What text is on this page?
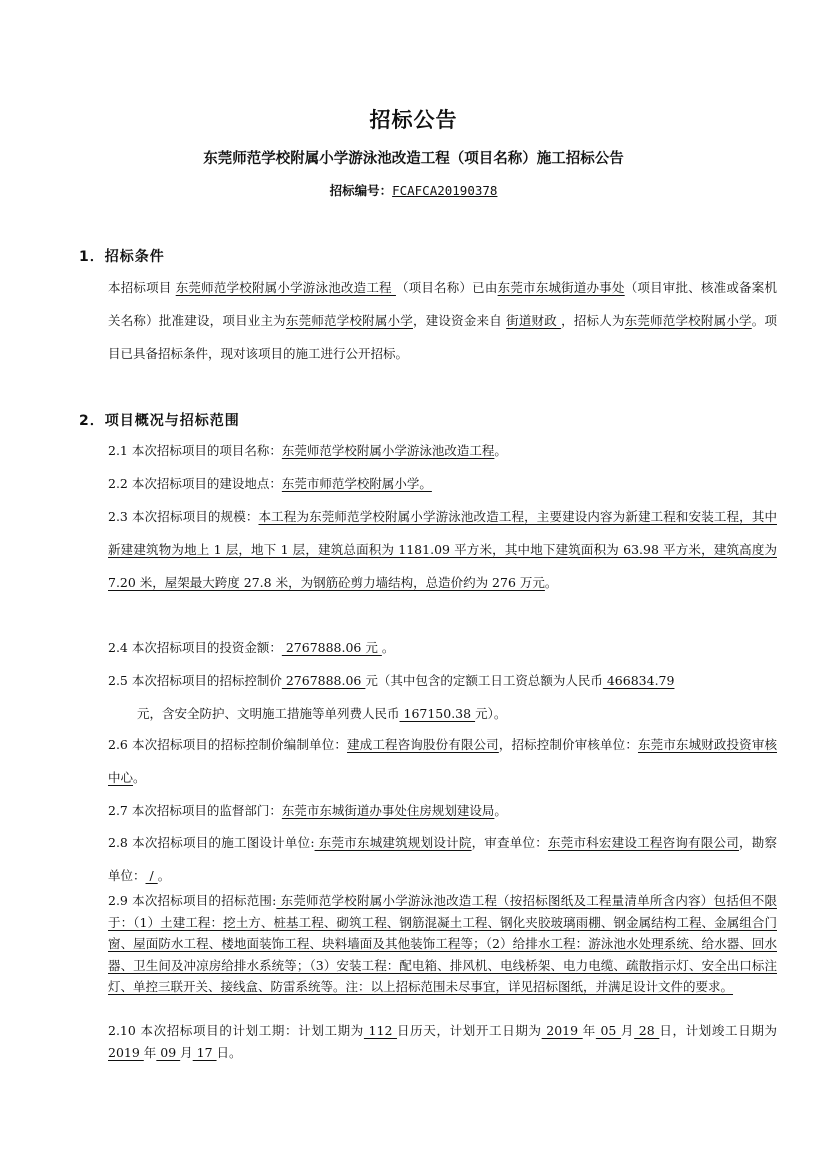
招标公告
东莞师范学校附属小学游泳池改造工程（项目名称）施工招标公告
招标编号：FCAFCA20190378
1．招标条件
本招标项目 东莞师范学校附属小学游泳池改造工程 （项目名称）已由东莞市东城街道办事处（项目审批、核准或备案机关名称）批准建设，项目业主为东莞师范学校附属小学，建设资金来自 街道财政 ，招标人为东莞师范学校附属小学。项目已具备招标条件，现对该项目的施工进行公开招标。
2．项目概况与招标范围
2.1 本次招标项目的项目名称：东莞师范学校附属小学游泳池改造工程。
2.2 本次招标项目的建设地点：东莞市师范学校附属小学。
2.3 本次招标项目的规模：本工程为东莞师范学校附属小学游泳池改造工程，主要建设内容为新建工程和安装工程，其中新建建筑物为地上 1 层，地下 1 层，建筑总面积为 1181.09 平方米，其中地下建筑面积为 63.98 平方米，建筑高度为 7.20 米，屋架最大跨度 27.8 米，为钢筋砼剪力墙结构，总造价约为 276 万元。
2.4 本次招标项目的投资金额： 2767888.06 元 。
2.5 本次招标项目的招标控制价 2767888.06 元（其中包含的定额工日工资总额为人民币 466834.79
元，含安全防护、文明施工措施等单列费人民币 167150.38 元）。
2.6 本次招标项目的招标控制价编制单位：建成工程咨询股份有限公司，招标控制价审核单位：东莞市东城财政投资审核中心。
2.7 本次招标项目的监督部门：东莞市东城街道办事处住房规划建设局。
2.8 本次招标项目的施工图设计单位: 东莞市东城建筑规划设计院，审查单位：东莞市科宏建设工程咨询有限公司，勘察单位： / 。
2.9 本次招标项目的招标范围: 东莞师范学校附属小学游泳池改造工程（按招标图纸及工程量清单所含内容）包括但不限于：（1）土建工程：挖土方、桩基工程、砌筑工程、钢筋混凝土工程、钢化夹胶玻璃雨棚、钢金属结构工程、金属组合门窗、屋面防水工程、楼地面装饰工程、块料墙面及其他装饰工程等；（2）给排水工程：游泳池水处理系统、给水器、回水器、卫生间及冲凉房给排水系统等；（3）安装工程：配电箱、排风机、电线桥架、电力电缆、疏散指示灯、安全出口标注灯、单控三联开关、接线盒、防雷系统等。注：以上招标范围未尽事宜，详见招标图纸，并满足设计文件的要求。
2.10 本次招标项目的计划工期：计划工期为 112 日历天，计划开工日期为 2019 年 05 月 28 日，计划竣工日期为 2019 年 09 月 17 日。
